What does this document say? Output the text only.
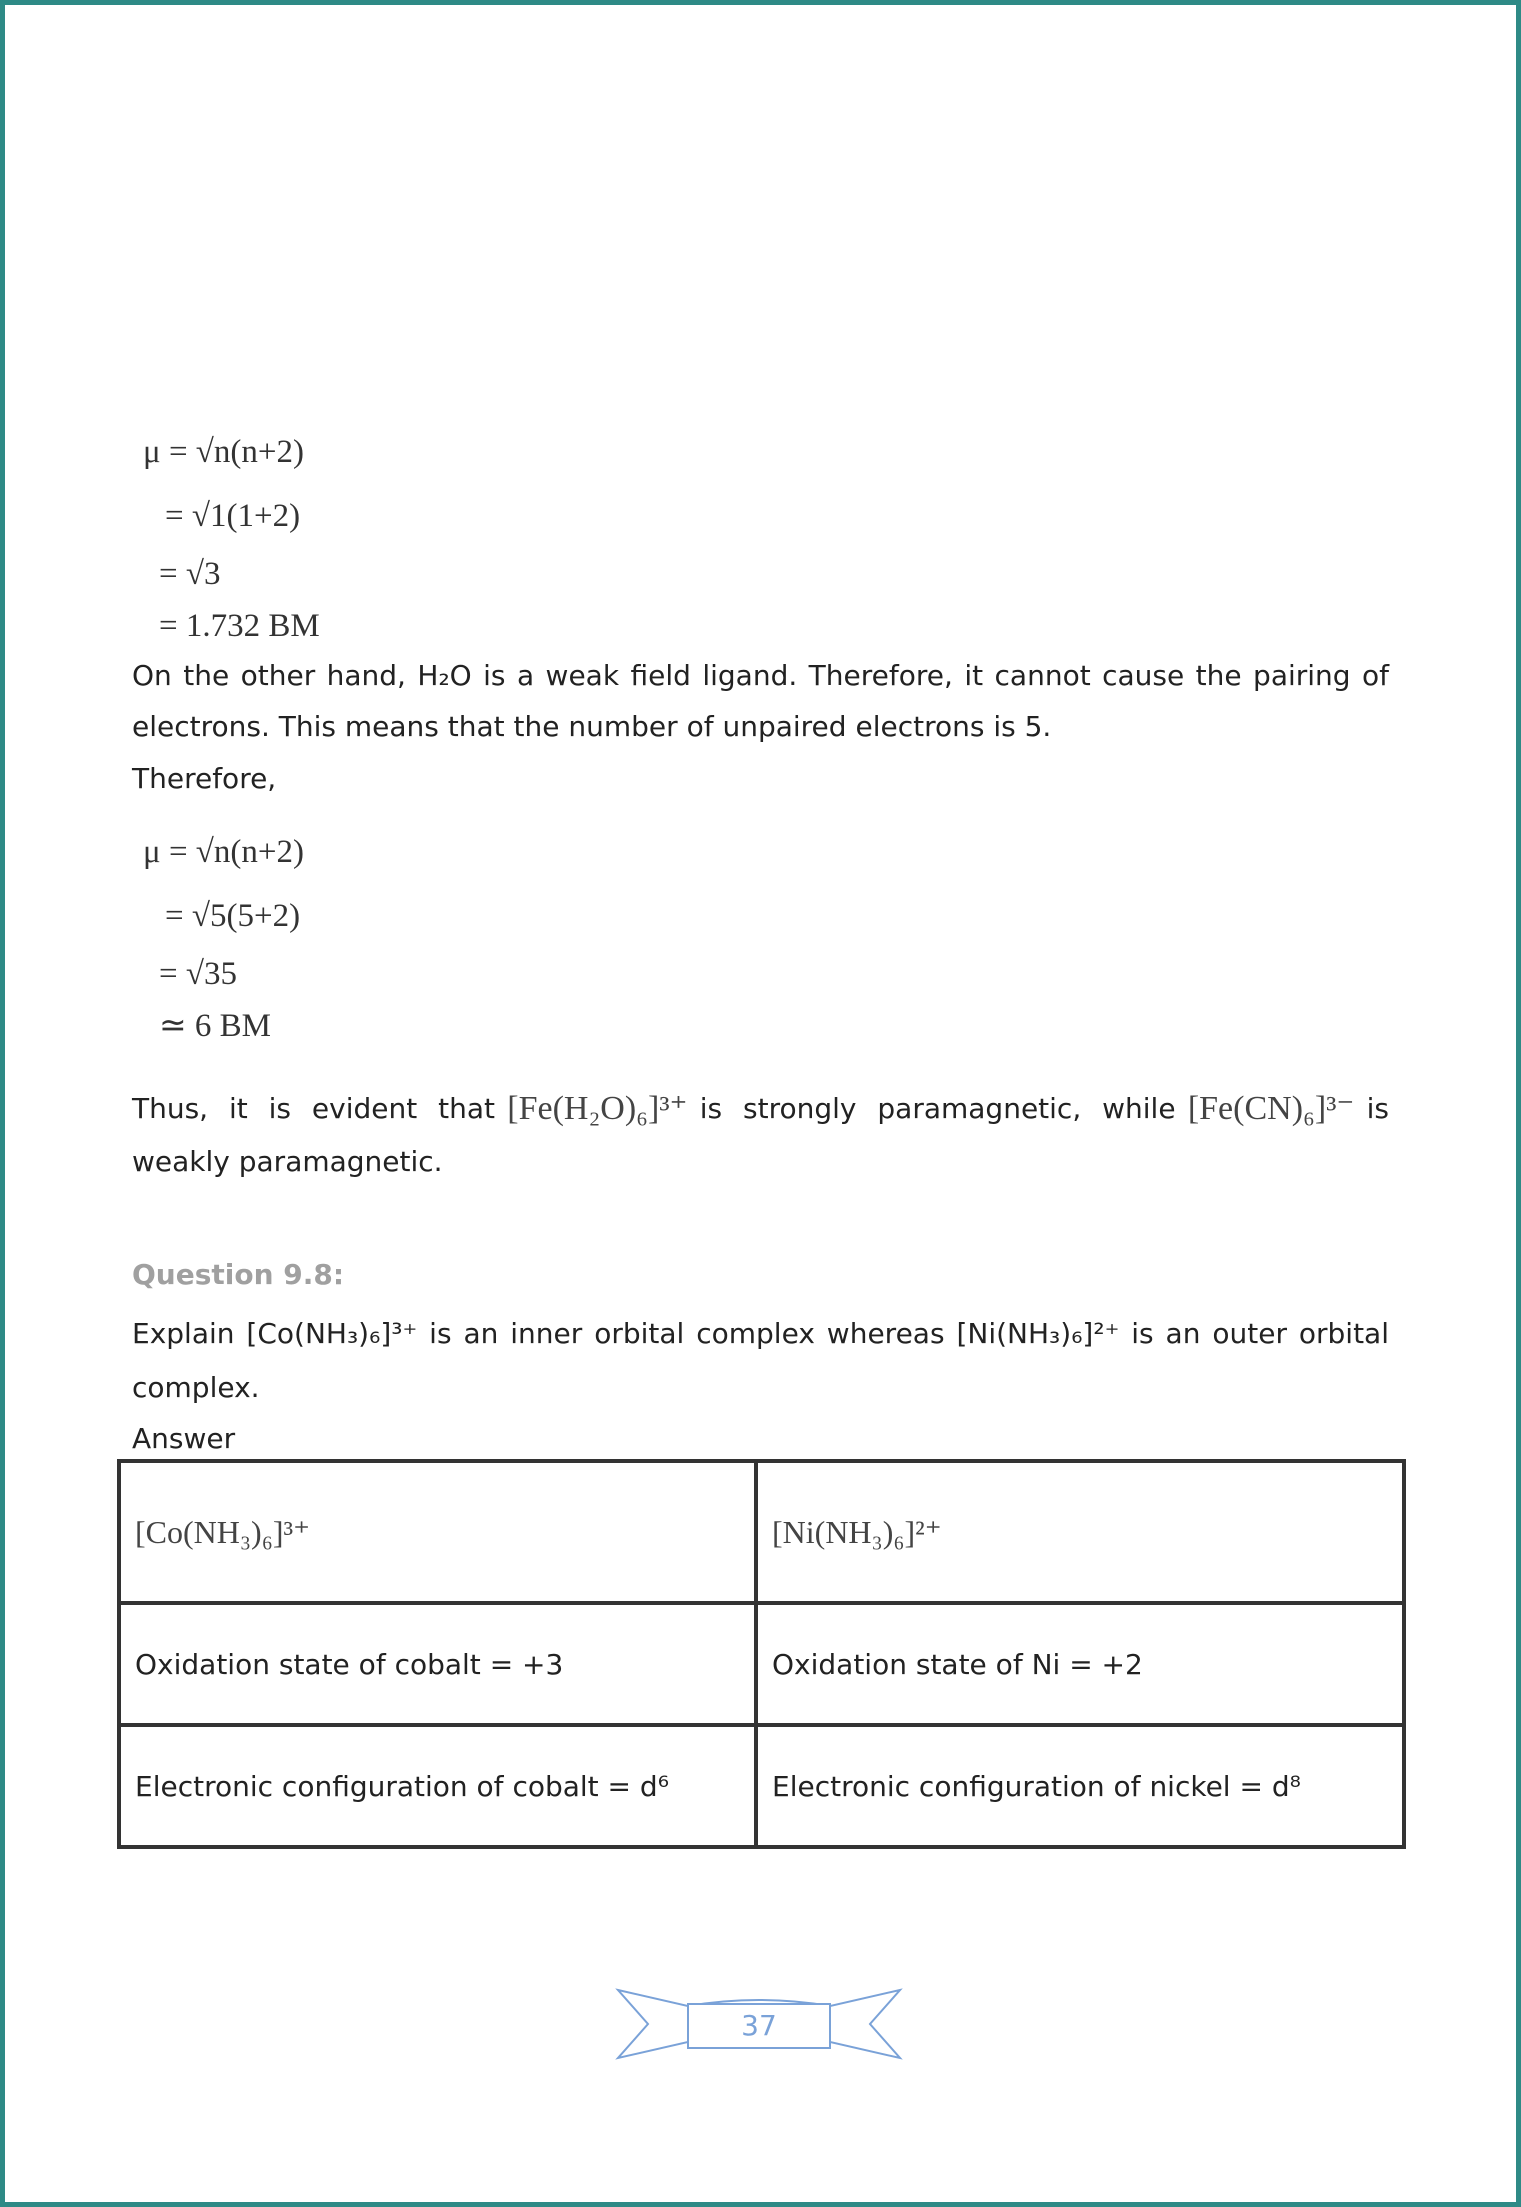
μ = √n(n+2)
= √1(1+2)
= √3
= 1.732 BM
On the other hand, H₂O is a weak field ligand. Therefore, it cannot cause the pairing of electrons. This means that the number of unpaired electrons is 5.
Therefore,
μ = √n(n+2)
= √5(5+2)
= √35
≃ 6 BM
Thus, it is evident that [Fe(H₂O)₆]³⁺ is strongly paramagnetic, while [Fe(CN)₆]³⁻ is
weakly paramagnetic.
Question 9.8:
Explain [Co(NH₃)₆]³⁺ is an inner orbital complex whereas [Ni(NH₃)₆]²⁺ is an outer orbital complex.
Answer
[Co(NH₃)₆]³⁺	[Ni(NH₃)₆]²⁺
Oxidation state of cobalt = +3	Oxidation state of Ni = +2
Electronic configuration of cobalt = d⁶	Electronic configuration of nickel = d⁸
37
